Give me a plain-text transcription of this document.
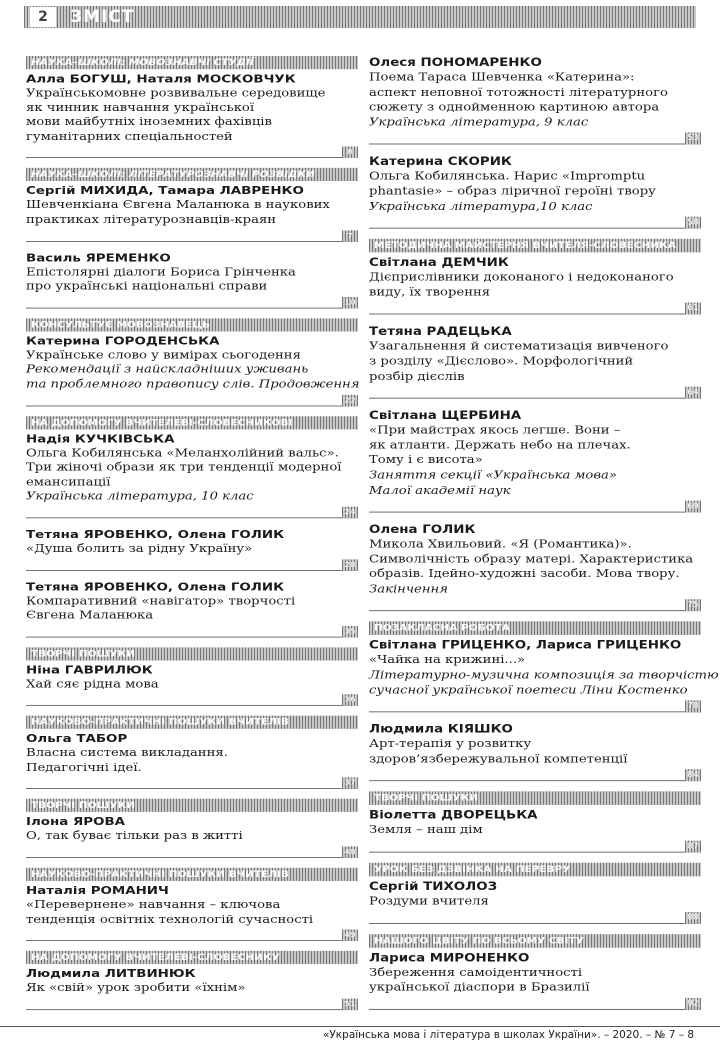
2	ЗМІСТ
НАУКА–ШКОЛІ: МОВОЗНАВЧІ СТУДІЇ
Алла БОГУШ, Наталя МОСКОВЧУК
Українськомовне розвивальне середовище
як чинник навчання української
мови майбутніх іноземних фахівців
гуманітарних спеціальностей
8
НАУКА–ШКОЛІ: ЛІТЕРАТУРОЗНАВЧІ РОЗВІДКИ
Сергій МИХИДА, Тамара ЛАВРЕНКО
Шевченкіана Євгена Маланюка в наукових
практиках літературознавців-краян
7
Василь ЯРЕМЕНКО
Епістолярні діалоги Бориса Грінченка
про українські національні справи
10
КОНСУЛЬТУЄ МОВОЗНАВЕЦЬ
Катерина ГОРОДЕНСЬКА
Українське слово у вимірах сьогодення
Рекомендації з найскладніших уживань
та проблемного правопису слів. Продовження
22
НА ДОПОМОГУ ВЧИТЕЛЕВІ-СЛОВЕСНИКОВІ
Надія КУЧКІВСЬКА
Ольга Кобилянська «Меланхолійний вальс».
Три жіночі образи як три тенденції модерної
емансипації
Українська література, 10 клас
24
Тетяна ЯРОВЕНКО, Олена ГОЛИК
«Душа болить за рідну Україну»
28
Тетяна ЯРОВЕНКО, Олена ГОЛИК
Компаративний «навігатор» творчості
Євгена Маланюка
35
ТВОРЧІ ПОШУКИ
Ніна ГАВРИЛЮК
Хай сяє рідна мова
36
НАУКОВО-ПРАКТИЧНІ ПОШУКИ ВЧИТЕЛІВ
Ольга ТАБОР
Власна система викладання.
Педагогічні ідеї.
37
ТВОРЧІ ПОШУКИ
Ілона ЯРОВА
О, так буває тільки раз в житті
48
НАУКОВО-ПРАКТИЧНІ ПОШУКИ ВЧИТЕЛІВ
Наталія РОМАНИЧ
«Перевернене» навчання – ключова
тенденція освітніх технологій сучасності
49
НА ДОПОМОГУ ВЧИТЕЛЕВІ-СЛОВЕСНИКУ
Людмила ЛИТВИНЮК
Як «свій» урок зробити «їхнім»
51
Олеся ПОНОМАРЕНКО
Поема Тараса Шевченка «Катерина»:
аспект неповної тотожності літературного
сюжету з однойменною картиною автора
Українська література, 9 клас
53
Катерина СКОРИК
Ольга Кобилянська. Нарис «Impromptu
phantasie» – образ ліричної героїні твору
Українська література,10 клас
58
МЕТОДИЧНА МАЙСТЕРНЯ ВЧИТЕЛЯ-СЛОВЕСНИКА
Світлана ДЕМЧИК
Дієприслівники доконаного і недоконаного
виду, їх творення
61
Тетяна РАДЕЦЬКА
Узагальнення й систематизація вивченого
з розділу «Дієслово». Морфологічний
розбір дієслів
64
Світлана ЩЕРБИНА
«При майстрах якось легше. Вони –
як атланти. Держать небо на плечах.
Тому і є висота»
Заняття секції «Українська мова»
Малої академії наук
69
Олена ГОЛИК
Микола Хвильовий. «Я (Романтика)».
Символічність образу матері. Характеристика
образів. Ідейно-художні засоби. Мова твору.
Закінчення
75
ПОЗАКЛАСНА РОБОТА
Світлана ГРИЦЕНКО, Лариса ГРИЦЕНКО
«Чайка на крижині...»
Літературно-музична композиція за творчістю
сучасної української поетеси Ліни Костенко
78
Людмила КІЯШКО
Арт-терапія у розвитку
здоров’язбережувальної компетенції
84
ТВОРЧІ ПОШУКИ
Віолетта ДВОРЕЦЬКА
Земля – наш дім
87
УРОК БЕЗ ДЗВІНКА НА ПЕРЕВРУ
Сергій ТИХОЛОЗ
Роздуми вчителя
88
НАШОГО ЦВІТУ ПО ВСЬОМУ СВІТУ
Лариса МИРОНЕНКО
Збереження самоідентичності
української діаспори в Бразилії
92
«Українська мова і література в школах України». – 2020. – № 7 – 8
